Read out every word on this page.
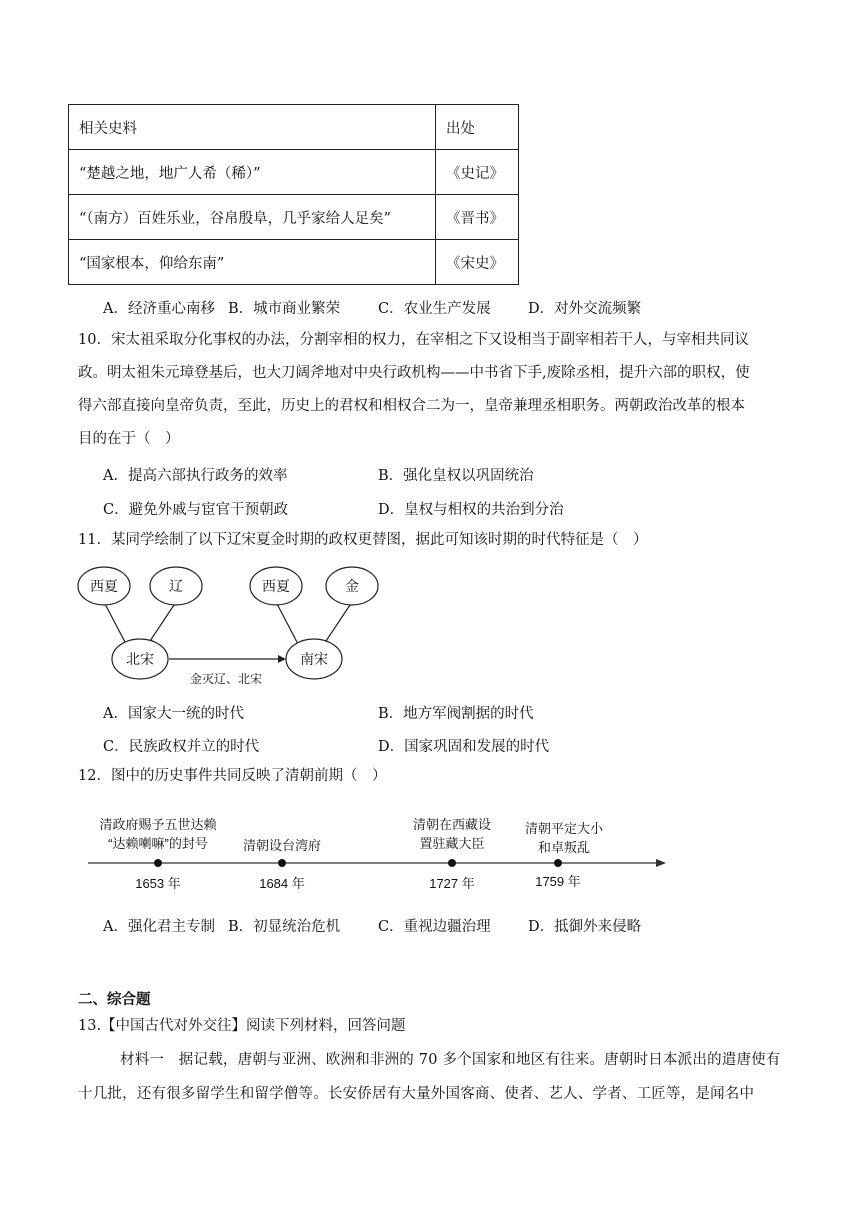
相关史料	出处
“楚越之地，地广人希（稀）”	《史记》
“（南方）百姓乐业，谷帛殷阜，几乎家给人足矣”	《晋书》
“国家根本，仰给东南”	《宋史》
A．经济重心南移 B．城市商业繁荣	C．农业生产发展	D．对外交流频繁
10．宋太祖采取分化事权的办法，分割宰相的权力，在宰相之下又设相当于副宰相若干人，与宰相共同议
政。明太祖朱元璋登基后，也大刀阔斧地对中央行政机构——中书省下手,废除丞相，提升六部的职权，使
得六部直接向皇帝负责，至此，历史上的君权和相权合二为一，皇帝兼理丞相职务。两朝政治改革的根本
目的在于（　）
A．提高六部执行政务的效率	B．强化皇权以巩固统治
C．避免外戚与宦官干预朝政	D．皇权与相权的共治到分治
11．某同学绘制了以下辽宋夏金时期的政权更替图，据此可知该时期的时代特征是（　）
西夏	辽
北宋
西夏	金
南宋
金灭辽、北宋
A．国家大一统的时代	B．地方军阀割据的时代
C．民族政权并立的时代	D．国家巩固和发展的时代
12．图中的历史事件共同反映了清朝前期（　）
清政府赐予五世达赖
“达赖喇嘛”的封号
1653 年
清朝设台湾府
1684 年
清朝在西藏设
置驻藏大臣
1727 年
清朝平定大小
和卓叛乱
1759 年
A．强化君主专制 B．初显统治危机	C．重视边疆治理	D．抵御外来侵略
二、综合题
13.【中国古代对外交往】阅读下列材料，回答问题
材料一　据记载，唐朝与亚洲、欧洲和非洲的 70 多个国家和地区有往来。唐朝时日本派出的遣唐使有
十几批，还有很多留学生和留学僧等。长安侨居有大量外国客商、使者、艺人、学者、工匠等，是闻名中
